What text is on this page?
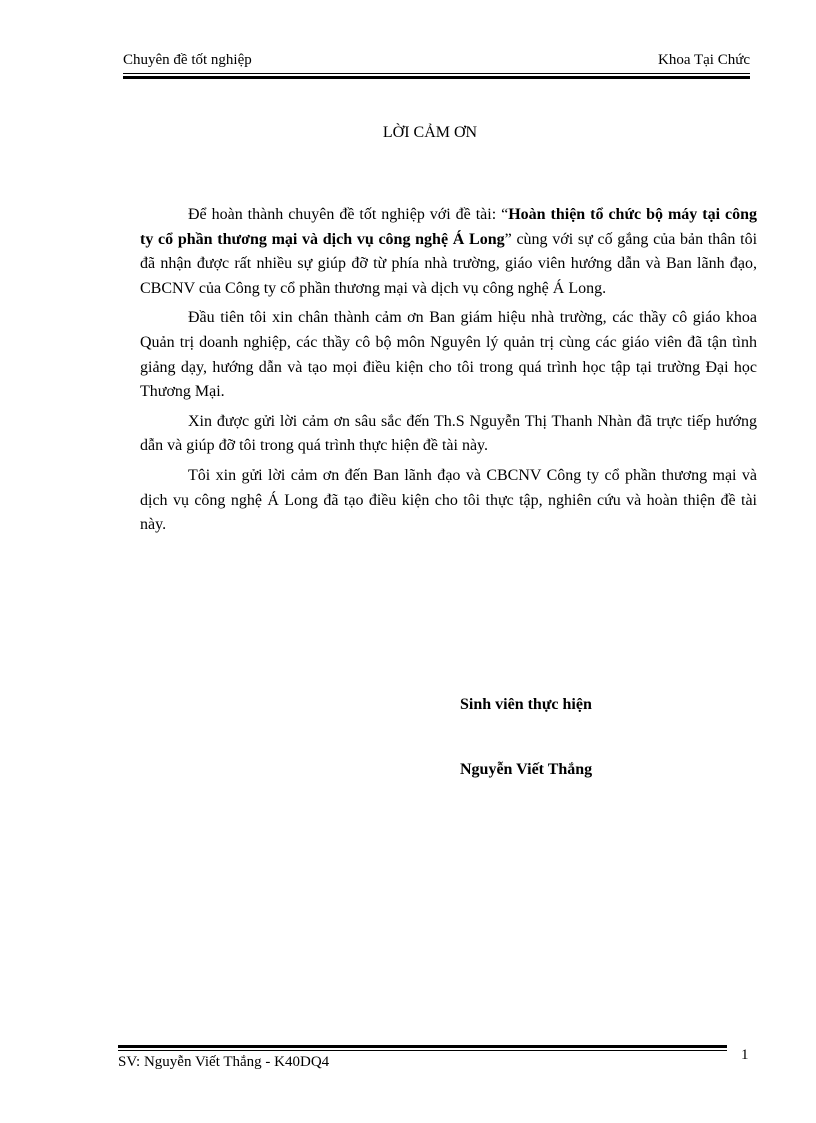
Chuyên đề tốt nghiệp	Khoa Tại Chức
LỜI CẢM ƠN

Để hoàn thành chuyên đề tốt nghiệp với đề tài: “Hoàn thiện tổ chức bộ máy tại công ty cổ phần thương mại và dịch vụ công nghệ Á Long” cùng với sự cố gắng của bản thân tôi đã nhận được rất nhiều sự giúp đỡ từ phía nhà trường, giáo viên hướng dẫn và Ban lãnh đạo, CBCNV của Công ty cổ phần thương mại và dịch vụ công nghệ Á Long.

Đầu tiên tôi xin chân thành cảm ơn Ban giám hiệu nhà trường, các thầy cô giáo khoa Quản trị doanh nghiệp, các thầy cô bộ môn Nguyên lý quản trị cùng các giáo viên đã tận tình giảng dạy, hướng dẫn và tạo mọi điều kiện cho tôi trong quá trình học tập tại trường Đại học Thương Mại.

Xin được gửi lời cảm ơn sâu sắc đến Th.S Nguyễn Thị Thanh Nhàn đã trực tiếp hướng dẫn và giúp đỡ tôi trong quá trình thực hiện đề tài này.

Tôi xin gửi lời cảm ơn đến Ban lãnh đạo và CBCNV Công ty cổ phần thương mại và dịch vụ công nghệ Á Long đã tạo điều kiện cho tôi thực tập, nghiên cứu và hoàn thiện đề tài này.

Sinh viên thực hiện
Nguyễn Viết Thắng
SV: Nguyễn Viết Thắng - K40DQ4	1
